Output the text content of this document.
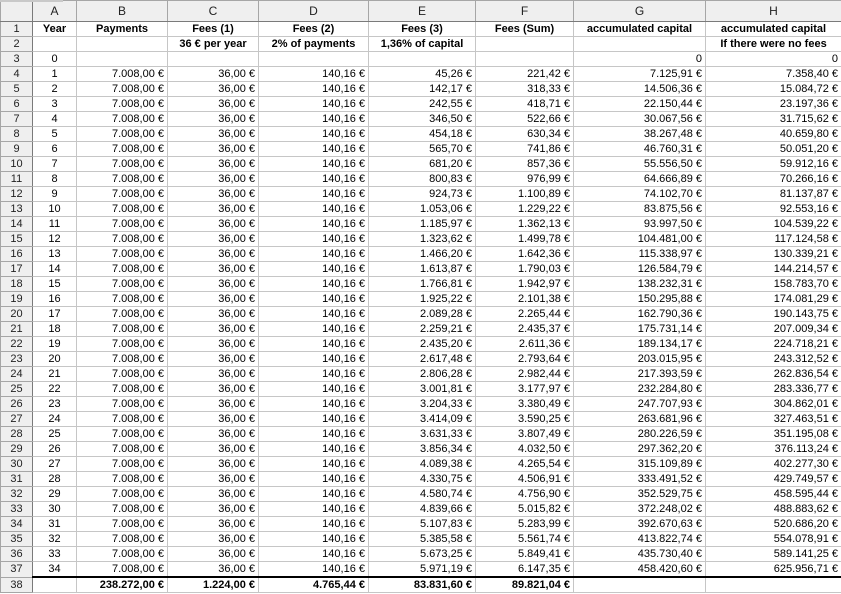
	A	B	C	D	E	F	G	H
1	Year	Payments	Fees (1)	Fees (2)	Fees (3)	Fees (Sum)	accumulated capital	accumulated capital
2			36 € per year	2% of payments	1,36% of capital			If there were no fees
3	0						0	0
4	1	7.008,00 €	36,00 €	140,16 €	45,26 €	221,42 €	7.125,91 €	7.358,40 €
5	2	7.008,00 €	36,00 €	140,16 €	142,17 €	318,33 €	14.506,36 €	15.084,72 €
6	3	7.008,00 €	36,00 €	140,16 €	242,55 €	418,71 €	22.150,44 €	23.197,36 €
7	4	7.008,00 €	36,00 €	140,16 €	346,50 €	522,66 €	30.067,56 €	31.715,62 €
8	5	7.008,00 €	36,00 €	140,16 €	454,18 €	630,34 €	38.267,48 €	40.659,80 €
9	6	7.008,00 €	36,00 €	140,16 €	565,70 €	741,86 €	46.760,31 €	50.051,20 €
10	7	7.008,00 €	36,00 €	140,16 €	681,20 €	857,36 €	55.556,50 €	59.912,16 €
11	8	7.008,00 €	36,00 €	140,16 €	800,83 €	976,99 €	64.666,89 €	70.266,16 €
12	9	7.008,00 €	36,00 €	140,16 €	924,73 €	1.100,89 €	74.102,70 €	81.137,87 €
13	10	7.008,00 €	36,00 €	140,16 €	1.053,06 €	1.229,22 €	83.875,56 €	92.553,16 €
14	11	7.008,00 €	36,00 €	140,16 €	1.185,97 €	1.362,13 €	93.997,50 €	104.539,22 €
15	12	7.008,00 €	36,00 €	140,16 €	1.323,62 €	1.499,78 €	104.481,00 €	117.124,58 €
16	13	7.008,00 €	36,00 €	140,16 €	1.466,20 €	1.642,36 €	115.338,97 €	130.339,21 €
17	14	7.008,00 €	36,00 €	140,16 €	1.613,87 €	1.790,03 €	126.584,79 €	144.214,57 €
18	15	7.008,00 €	36,00 €	140,16 €	1.766,81 €	1.942,97 €	138.232,31 €	158.783,70 €
19	16	7.008,00 €	36,00 €	140,16 €	1.925,22 €	2.101,38 €	150.295,88 €	174.081,29 €
20	17	7.008,00 €	36,00 €	140,16 €	2.089,28 €	2.265,44 €	162.790,36 €	190.143,75 €
21	18	7.008,00 €	36,00 €	140,16 €	2.259,21 €	2.435,37 €	175.731,14 €	207.009,34 €
22	19	7.008,00 €	36,00 €	140,16 €	2.435,20 €	2.611,36 €	189.134,17 €	224.718,21 €
23	20	7.008,00 €	36,00 €	140,16 €	2.617,48 €	2.793,64 €	203.015,95 €	243.312,52 €
24	21	7.008,00 €	36,00 €	140,16 €	2.806,28 €	2.982,44 €	217.393,59 €	262.836,54 €
25	22	7.008,00 €	36,00 €	140,16 €	3.001,81 €	3.177,97 €	232.284,80 €	283.336,77 €
26	23	7.008,00 €	36,00 €	140,16 €	3.204,33 €	3.380,49 €	247.707,93 €	304.862,01 €
27	24	7.008,00 €	36,00 €	140,16 €	3.414,09 €	3.590,25 €	263.681,96 €	327.463,51 €
28	25	7.008,00 €	36,00 €	140,16 €	3.631,33 €	3.807,49 €	280.226,59 €	351.195,08 €
29	26	7.008,00 €	36,00 €	140,16 €	3.856,34 €	4.032,50 €	297.362,20 €	376.113,24 €
30	27	7.008,00 €	36,00 €	140,16 €	4.089,38 €	4.265,54 €	315.109,89 €	402.277,30 €
31	28	7.008,00 €	36,00 €	140,16 €	4.330,75 €	4.506,91 €	333.491,52 €	429.749,57 €
32	29	7.008,00 €	36,00 €	140,16 €	4.580,74 €	4.756,90 €	352.529,75 €	458.595,44 €
33	30	7.008,00 €	36,00 €	140,16 €	4.839,66 €	5.015,82 €	372.248,02 €	488.883,62 €
34	31	7.008,00 €	36,00 €	140,16 €	5.107,83 €	5.283,99 €	392.670,63 €	520.686,20 €
35	32	7.008,00 €	36,00 €	140,16 €	5.385,58 €	5.561,74 €	413.822,74 €	554.078,91 €
36	33	7.008,00 €	36,00 €	140,16 €	5.673,25 €	5.849,41 €	435.730,40 €	589.141,25 €
37	34	7.008,00 €	36,00 €	140,16 €	5.971,19 €	6.147,35 €	458.420,60 €	625.956,71 €
38		238.272,00 €	1.224,00 €	4.765,44 €	83.831,60 €	89.821,04 €		
